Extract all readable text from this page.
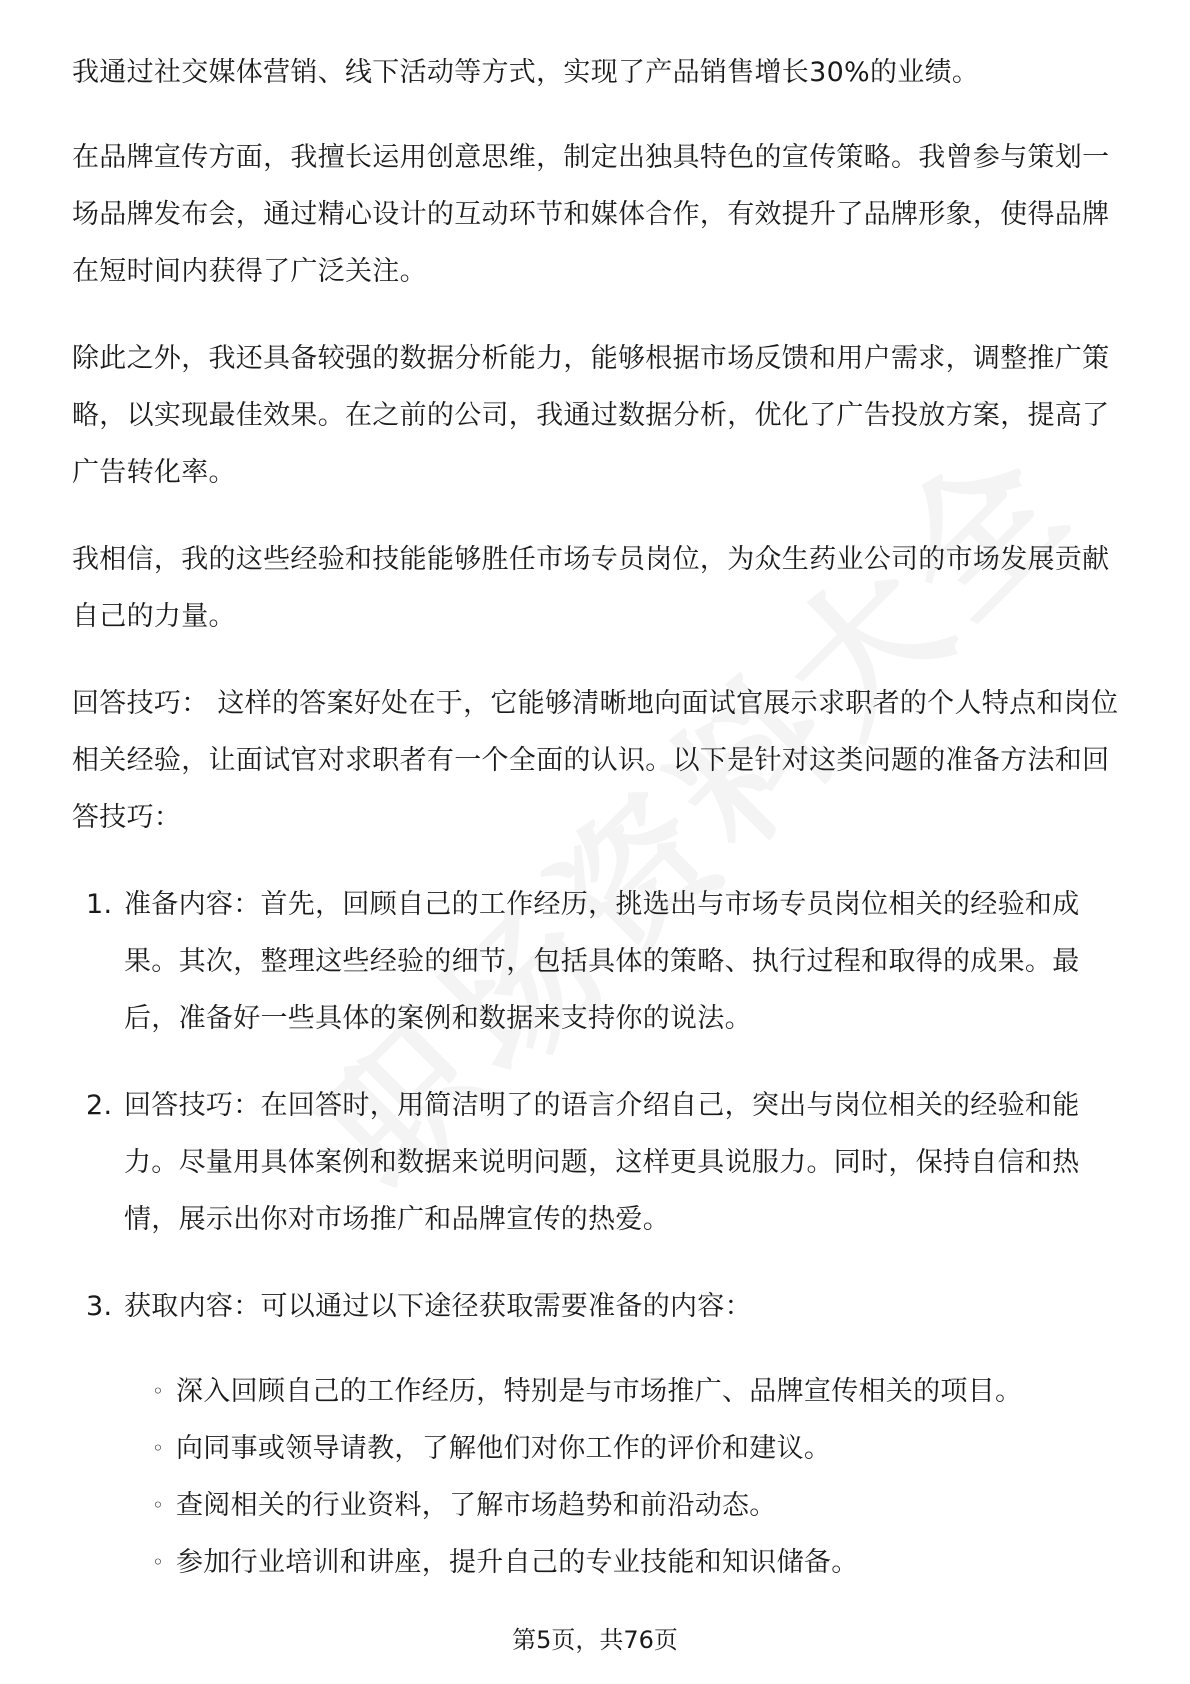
我通过社交媒体营销、线下活动等方式，实现了产品销售增长30%的业绩。

在品牌宣传方面，我擅长运用创意思维，制定出独具特色的宣传策略。我曾参与策划一场品牌发布会，通过精心设计的互动环节和媒体合作，有效提升了品牌形象，使得品牌在短时间内获得了广泛关注。

除此之外，我还具备较强的数据分析能力，能够根据市场反馈和用户需求，调整推广策略，以实现最佳效果。在之前的公司，我通过数据分析，优化了广告投放方案，提高了广告转化率。

我相信，我的这些经验和技能能够胜任市场专员岗位，为众生药业公司的市场发展贡献自己的力量。

回答技巧： 这样的答案好处在于，它能够清晰地向面试官展示求职者的个人特点和岗位相关经验，让面试官对求职者有一个全面的认识。以下是针对这类问题的准备方法和回答技巧：

1. 准备内容：首先，回顾自己的工作经历，挑选出与市场专员岗位相关的经验和成果。其次，整理这些经验的细节，包括具体的策略、执行过程和取得的成果。最后，准备好一些具体的案例和数据来支持你的说法。
2. 回答技巧：在回答时，用简洁明了的语言介绍自己，突出与岗位相关的经验和能力。尽量用具体案例和数据来说明问题，这样更具说服力。同时，保持自信和热情，展示出你对市场推广和品牌宣传的热爱。
3. 获取内容：可以通过以下途径获取需要准备的内容：
◦ 深入回顾自己的工作经历，特别是与市场推广、品牌宣传相关的项目。
◦ 向同事或领导请教，了解他们对你工作的评价和建议。
◦ 查阅相关的行业资料，了解市场趋势和前沿动态。
◦ 参加行业培训和讲座，提升自己的专业技能和知识储备。
第5页，共76页
